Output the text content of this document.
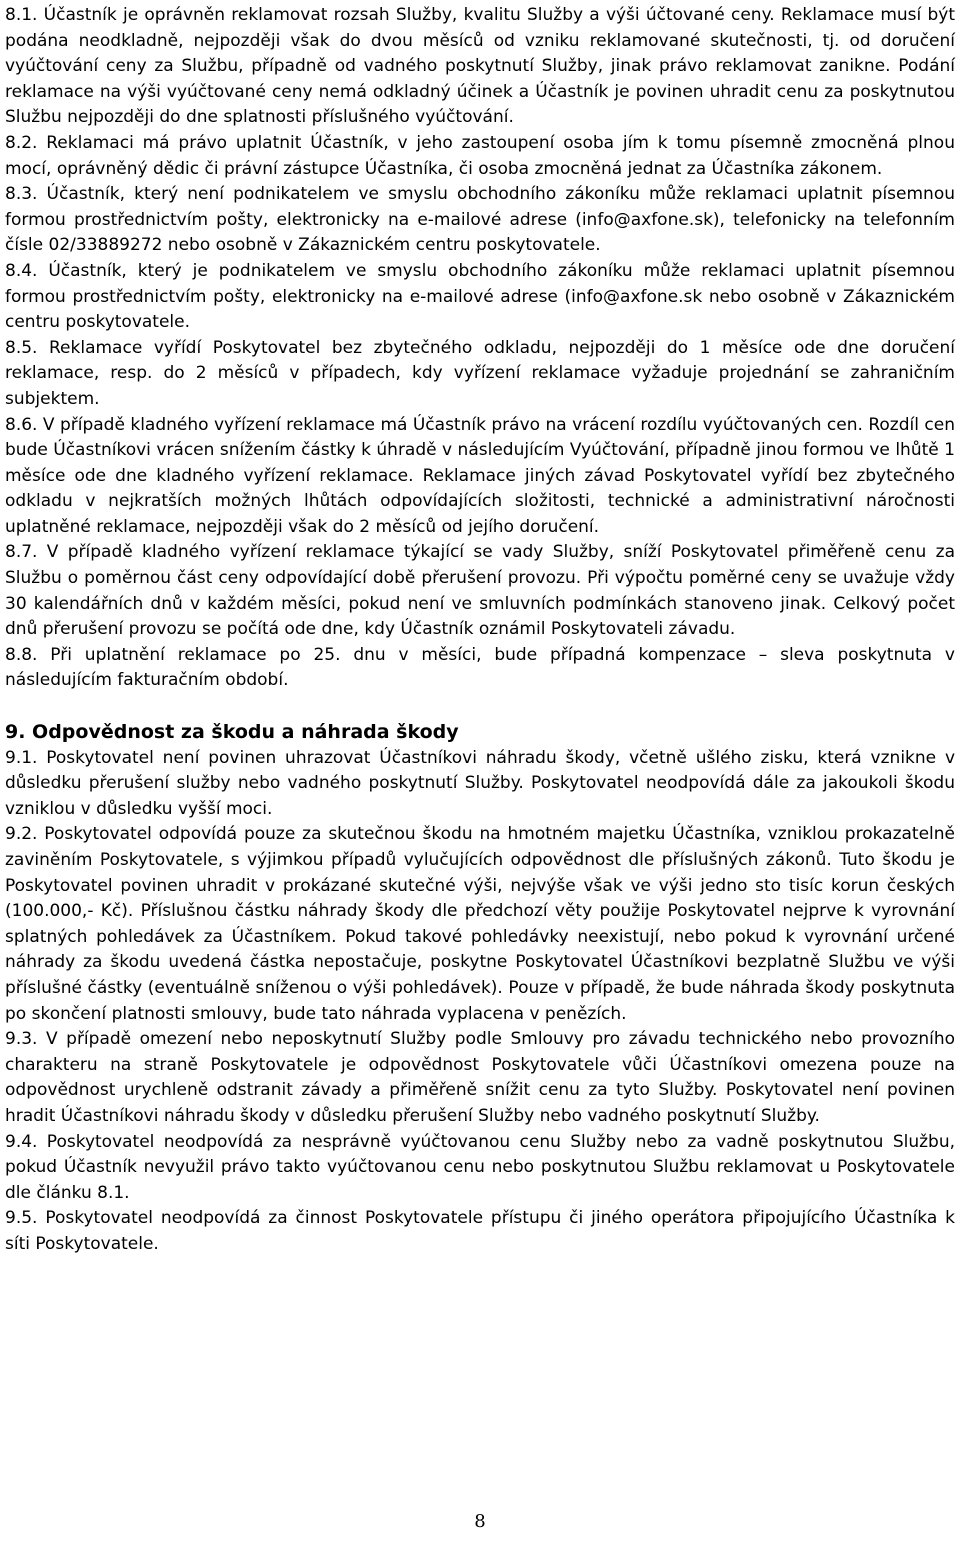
8.1. Účastník je oprávněn reklamovat rozsah Služby, kvalitu Služby a výši účtované ceny. Reklamace musí být podána neodkladně, nejpozději však do dvou měsíců od vzniku reklamované skutečnosti, tj. od doručení vyúčtování ceny za Službu, případně od vadného poskytnutí Služby, jinak právo reklamovat zanikne. Podání reklamace na výši vyúčtované ceny nemá odkladný účinek a Účastník je povinen uhradit cenu za poskytnutou Službu nejpozději do dne splatnosti příslušného vyúčtování.

8.2. Reklamaci má právo uplatnit Účastník, v jeho zastoupení osoba jím k tomu písemně zmocněná plnou mocí, oprávněný dědic či právní zástupce Účastníka, či osoba zmocněná jednat za Účastníka zákonem.

8.3. Účastník, který není podnikatelem ve smyslu obchodního zákoníku může reklamaci uplatnit písemnou formou prostřednictvím pošty, elektronicky na e-mailové adrese (info@axfone.sk), telefonicky na telefonním čísle 02/33889272 nebo osobně v Zákaznickém centru poskytovatele.

8.4. Účastník, který je podnikatelem ve smyslu obchodního zákoníku může reklamaci uplatnit písemnou formou prostřednictvím pošty, elektronicky na e-mailové adrese (info@axfone.sk nebo osobně v Zákaznickém centru poskytovatele.

8.5. Reklamace vyřídí Poskytovatel bez zbytečného odkladu, nejpozději do 1 měsíce ode dne doručení reklamace, resp. do 2 měsíců v případech, kdy vyřízení reklamace vyžaduje projednání se zahraničním subjektem.

8.6. V případě kladného vyřízení reklamace má Účastník právo na vrácení rozdílu vyúčtovaných cen. Rozdíl cen bude Účastníkovi vrácen snížením částky k úhradě v následujícím Vyúčtování, případně jinou formou ve lhůtě 1 měsíce ode dne kladného vyřízení reklamace. Reklamace jiných závad Poskytovatel vyřídí bez zbytečného odkladu v nejkratších možných lhůtách odpovídajících složitosti, technické a administrativní náročnosti uplatněné reklamace, nejpozději však do 2 měsíců od jejího doručení.

8.7. V případě kladného vyřízení reklamace týkající se vady Služby, sníží Poskytovatel přiměřeně cenu za Službu o poměrnou část ceny odpovídající době přerušení provozu. Při výpočtu poměrné ceny se uvažuje vždy 30 kalendářních dnů v každém měsíci, pokud není ve smluvních podmínkách stanoveno jinak. Celkový počet dnů přerušení provozu se počítá ode dne, kdy Účastník oznámil Poskytovateli závadu.

8.8. Při uplatnění reklamace po 25. dnu v měsíci, bude případná kompenzace – sleva poskytnuta v následujícím fakturačním období.

9. Odpovědnost za škodu a náhrada škody

9.1. Poskytovatel není povinen uhrazovat Účastníkovi náhradu škody, včetně ušlého zisku, která vznikne v důsledku přerušení služby nebo vadného poskytnutí Služby. Poskytovatel neodpovídá dále za jakoukoli škodu vzniklou v důsledku vyšší moci.

9.2. Poskytovatel odpovídá pouze za skutečnou škodu na hmotném majetku Účastníka, vzniklou prokazatelně zaviněním Poskytovatele, s výjimkou případů vylučujících odpovědnost dle příslušných zákonů. Tuto škodu je Poskytovatel povinen uhradit v prokázané skutečné výši, nejvýše však ve výši jedno sto tisíc korun českých (100.000,- Kč). Příslušnou částku náhrady škody dle předchozí věty použije Poskytovatel nejprve k vyrovnání splatných pohledávek za Účastníkem. Pokud takové pohledávky neexistují, nebo pokud k vyrovnání určené náhrady za škodu uvedená částka nepostačuje, poskytne Poskytovatel Účastníkovi bezplatně Službu ve výši příslušné částky (eventuálně sníženou o výši pohledávek). Pouze v případě, že bude náhrada škody poskytnuta po skončení platnosti smlouvy, bude tato náhrada vyplacena v penězích.

9.3. V případě omezení nebo neposkytnutí Služby podle Smlouvy pro závadu technického nebo provozního charakteru na straně Poskytovatele je odpovědnost Poskytovatele vůči Účastníkovi omezena pouze na odpovědnost urychleně odstranit závady a přiměřeně snížit cenu za tyto Služby. Poskytovatel není povinen hradit Účastníkovi náhradu škody v důsledku přerušení Služby nebo vadného poskytnutí Služby.

9.4. Poskytovatel neodpovídá za nesprávně vyúčtovanou cenu Služby nebo za vadně poskytnutou Službu, pokud Účastník nevyužil právo takto vyúčtovanou cenu nebo poskytnutou Službu reklamovat u Poskytovatele dle článku 8.1.

9.5. Poskytovatel neodpovídá za činnost Poskytovatele přístupu či jiného operátora připojujícího Účastníka k síti Poskytovatele.

8
